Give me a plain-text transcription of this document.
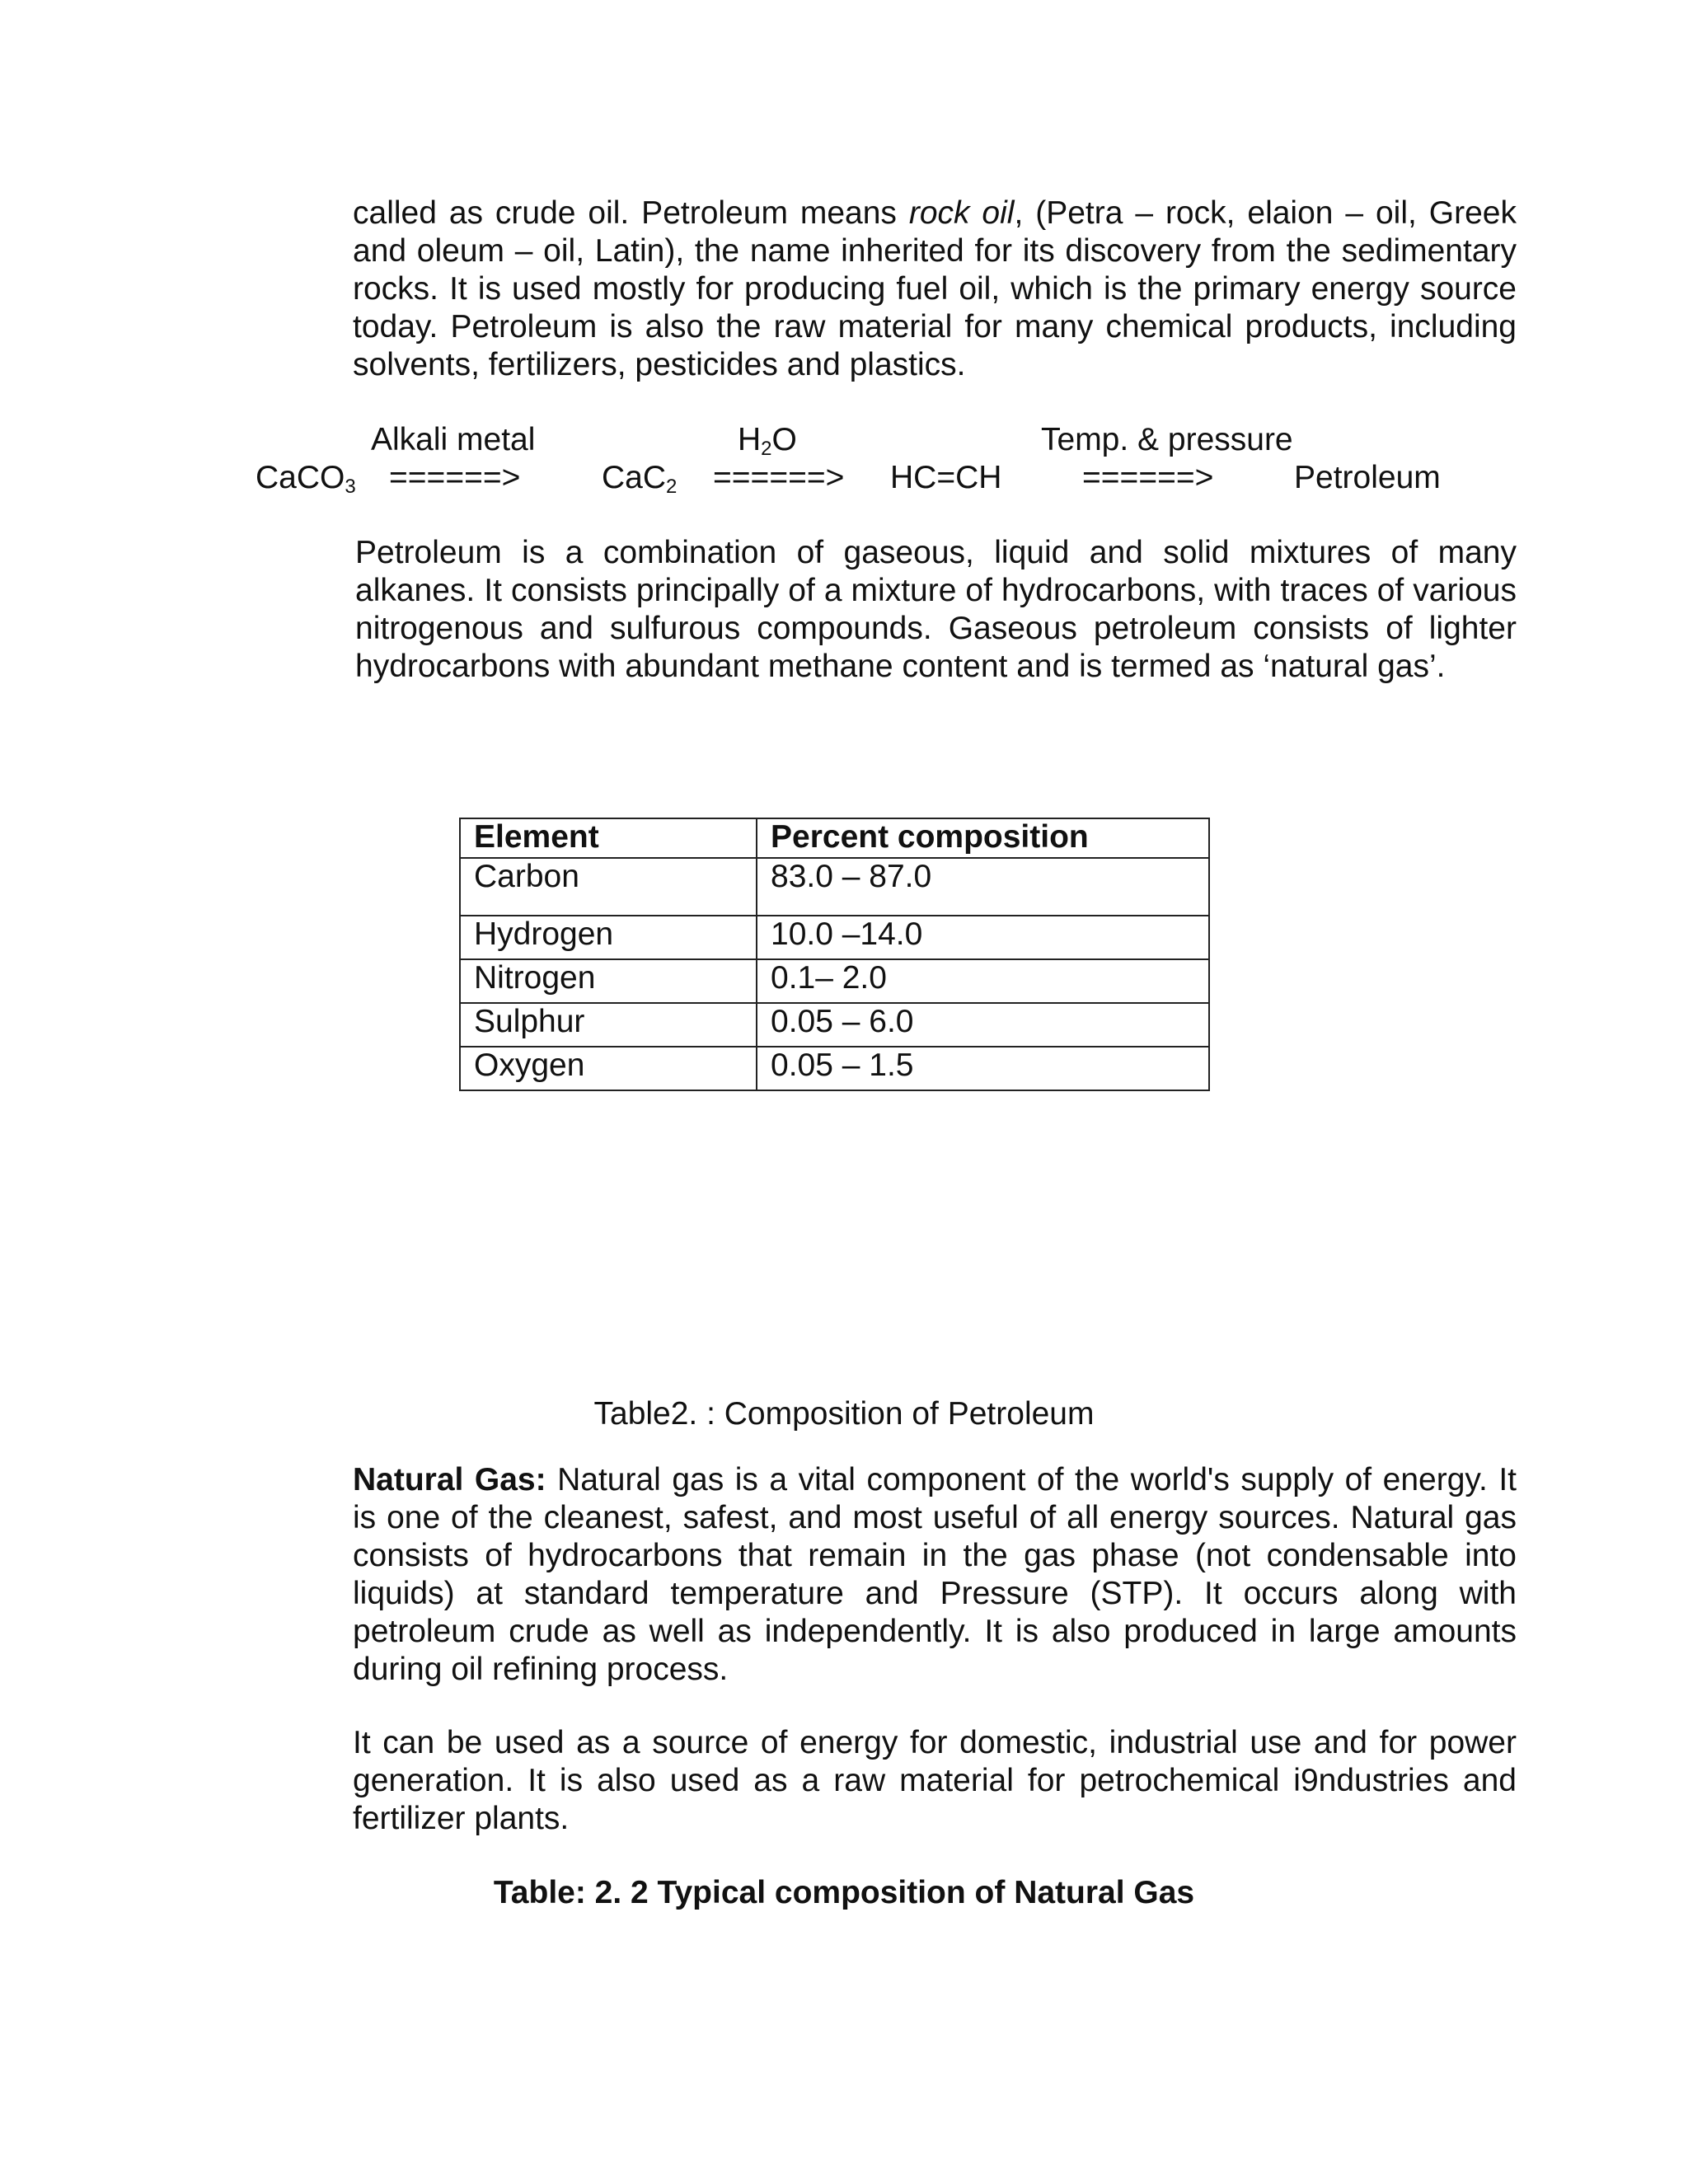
called as crude oil. Petroleum means rock oil, (Petra – rock, elaion – oil, Greek and oleum – oil, Latin), the name inherited for its discovery from the sedimentary rocks. It is used mostly for producing fuel oil, which is the primary energy source today. Petroleum is also the raw material for many chemical products, including solvents, fertilizers, pesticides and plastics.

Alkali metal	$H_2O$	Temp. & pressure
CaCO$_3$ ======>	CaC$_2$ ======> HC=CH	======>	Petroleum

Petroleum is a combination of gaseous, liquid and solid mixtures of many alkanes. It consists principally of a mixture of hydrocarbons, with traces of various nitrogenous and sulfurous compounds. Gaseous petroleum consists of lighter hydrocarbons with abundant methane content and is termed as ‘natural gas’.

Element	Percent composition
Carbon	83.0 – 87.0
Hydrogen	10.0 –14.0
Nitrogen	0.1– 2.0
Sulphur	0.05 – 6.0
Oxygen	0.05 – 1.5
Table2. : Composition of Petroleum

Natural Gas: Natural gas is a vital component of the world's supply of energy. It is one of the cleanest, safest, and most useful of all energy sources. Natural gas consists of hydrocarbons that remain in the gas phase (not condensable into liquids) at standard temperature and Pressure (STP). It occurs along with petroleum crude as well as independently. It is also produced in large amounts during oil refining process.

It can be used as a source of energy for domestic, industrial use and for power generation. It is also used as a raw material for petrochemical i9ndustries and fertilizer plants.

Table: 2. 2 Typical composition of Natural Gas
